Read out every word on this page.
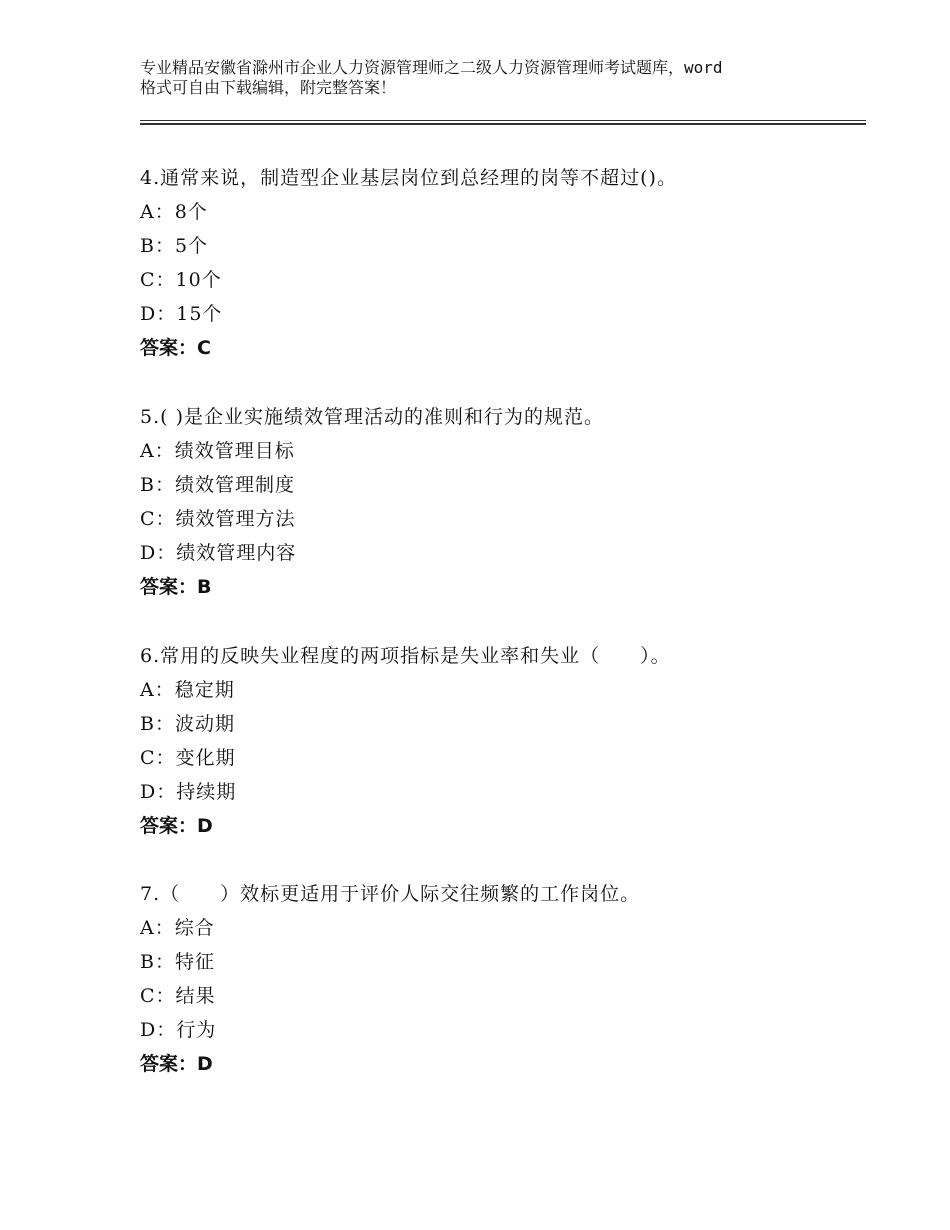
专业精品安徽省滁州市企业人力资源管理师之二级人力资源管理师考试题库，word
格式可自由下载编辑，附完整答案！
4.通常来说，制造型企业基层岗位到总经理的岗等不超过()。
A：8个
B：5个
C：10个
D：15个
答案：C
5.( )是企业实施绩效管理活动的准则和行为的规范。
A：绩效管理目标
B：绩效管理制度
C：绩效管理方法
D：绩效管理内容
答案：B
6.常用的反映失业程度的两项指标是失业率和失业（　　）。
A：稳定期
B：波动期
C：变化期
D：持续期
答案：D
7.（　　）效标更适用于评价人际交往频繁的工作岗位。
A：综合
B：特征
C：结果
D：行为
答案：D
